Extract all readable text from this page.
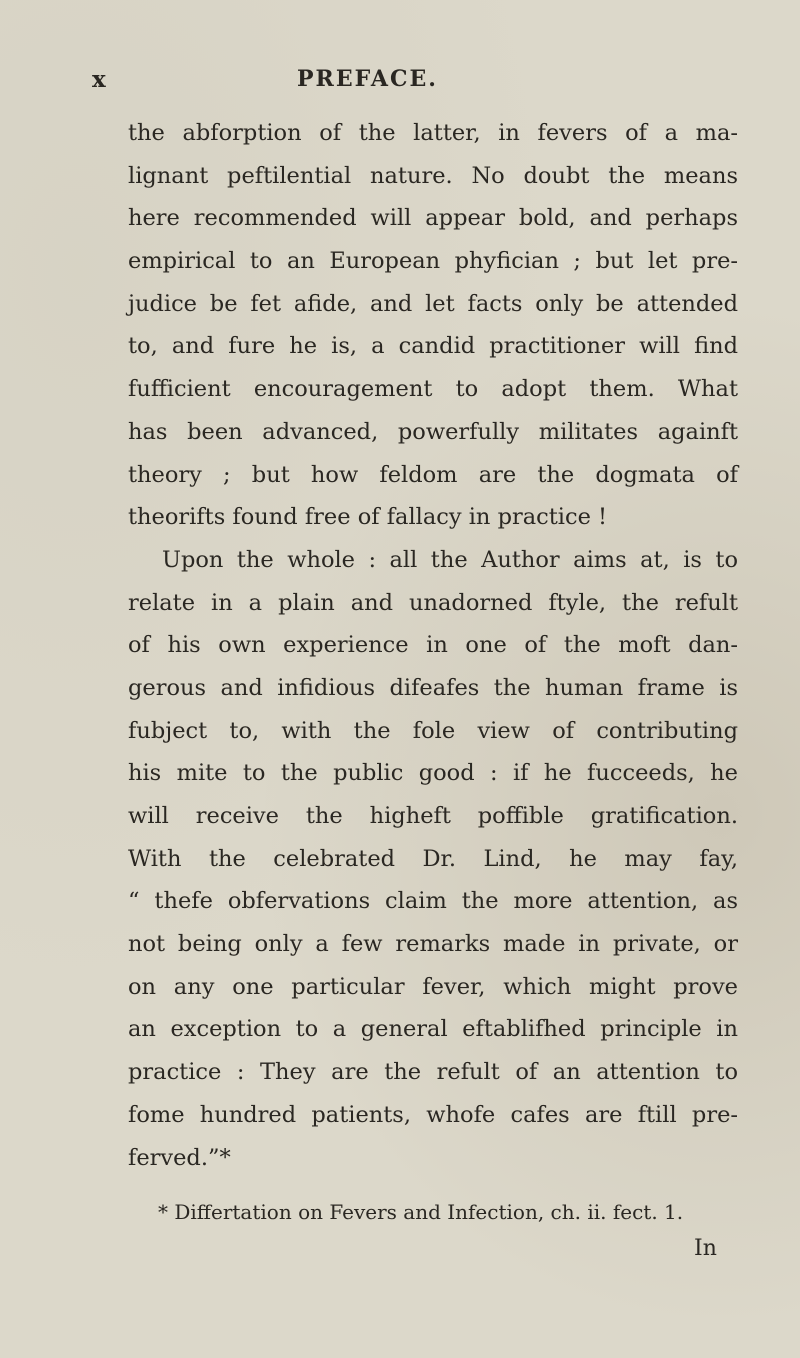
x	PREFACE.
the abforption of the latter, in fevers of a ma-
lignant peftilential nature. No doubt the means
here recommended will appear bold, and perhaps
empirical to an European phyfician ; but let pre-
judice be fet afide, and let facts only be attended
to, and fure he is, a candid practitioner will find
fufficient encouragement to adopt them. What
has been advanced, powerfully militates againft
theory ; but how feldom are the dogmata of
theorifts found free of fallacy in practice !
Upon the whole : all the Author aims at, is to
relate in a plain and unadorned ftyle, the refult
of his own experience in one of the moft dan-
gerous and infidious difeafes the human frame is
fubject to, with the fole view of contributing
his mite to the public good : if he fucceeds, he
will receive the higheft poffible gratification.
With the celebrated Dr. Lind, he may fay,
“ thefe obfervations claim the more attention, as
not being only a few remarks made in private, or
on any one particular fever, which might prove
an exception to a general eftablifhed principle in
practice : They are the refult of an attention to
fome hundred patients, whofe cafes are ftill pre-
ferved.”*
* Differtation on Fevers and Infection, ch. ii. fect. 1.
In
